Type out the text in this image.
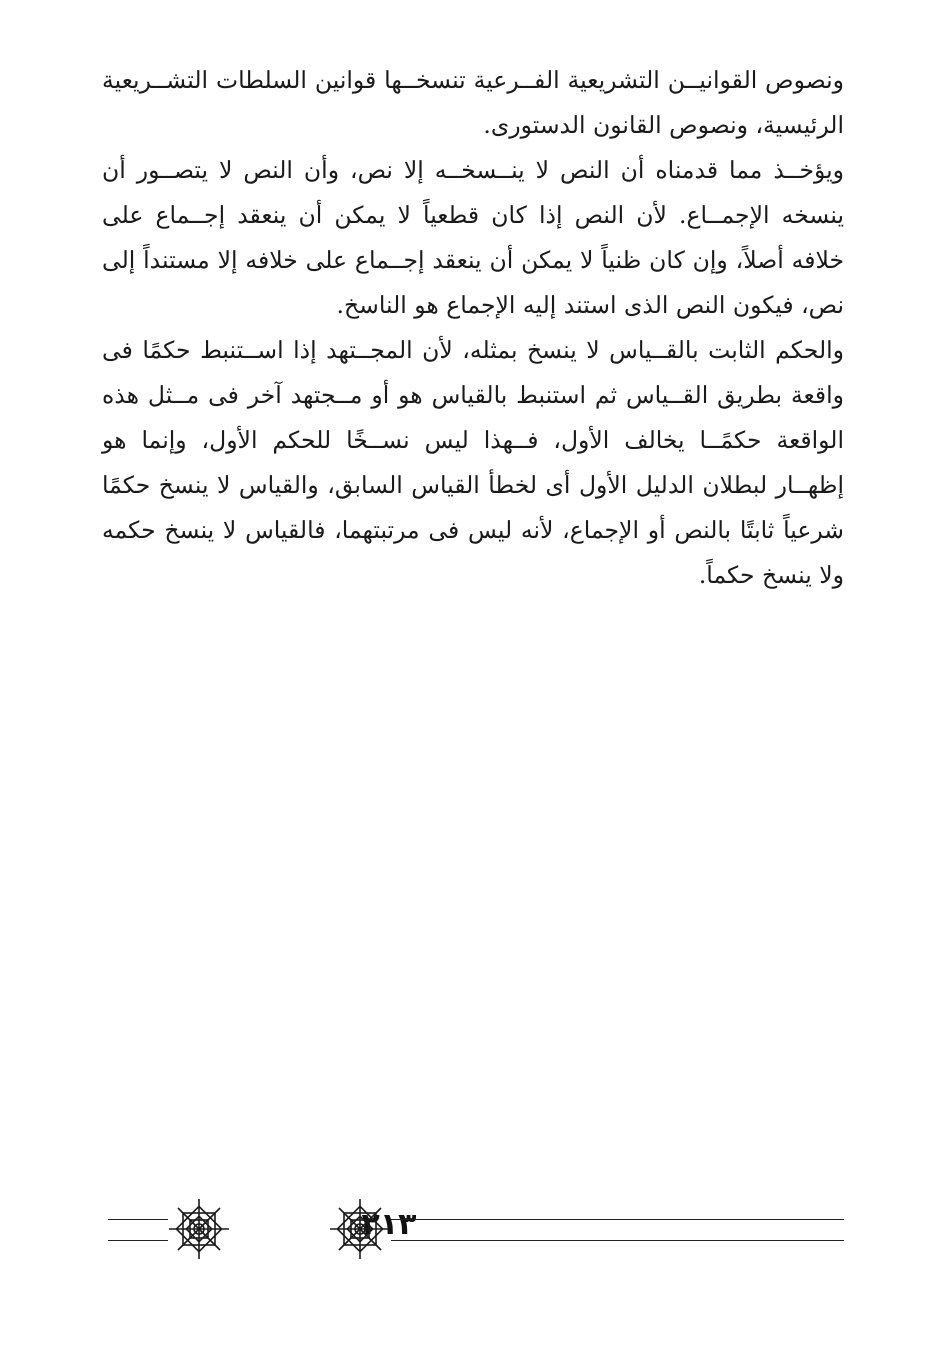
ونصوص القوانيــن التشريعية الفــرعية تنسخــها قوانين السلطات التشــريعية الرئيسية، ونصوص القانون الدستورى.

ويؤخــذ مما قدمناه أن النص لا ينــسخــه إلا نص، وأن النص لا يتصــور أن ينسخه الإجمــاع. لأن النص إذا كان قطعياً لا يمكن أن ينعقد إجــماع على خلافه أصلاً، وإن كان ظنياً لا يمكن أن ينعقد إجــماع على خلافه إلا مستنداً إلى نص، فيكون النص الذى استند إليه الإجماع هو الناسخ.

والحكم الثابت بالقــياس لا ينسخ بمثله، لأن المجــتهد إذا اســتنبط حكمًا فى واقعة بطريق القــياس ثم استنبط بالقياس هو أو مــجتهد آخر فى مــثل هذه الواقعة حكمًــا يخالف الأول، فــهذا ليس نســخًا للحكم الأول، وإنما هو إظهــار لبطلان الدليل الأول أى لخطأ القياس السابق، والقياس لا ينسخ حكمًا شرعياً ثابتًا بالنص أو الإجماع، لأنه ليس فى مرتبتهما، فالقياس لا ينسخ حكمه ولا ينسخ حكماً.

٢١٣
